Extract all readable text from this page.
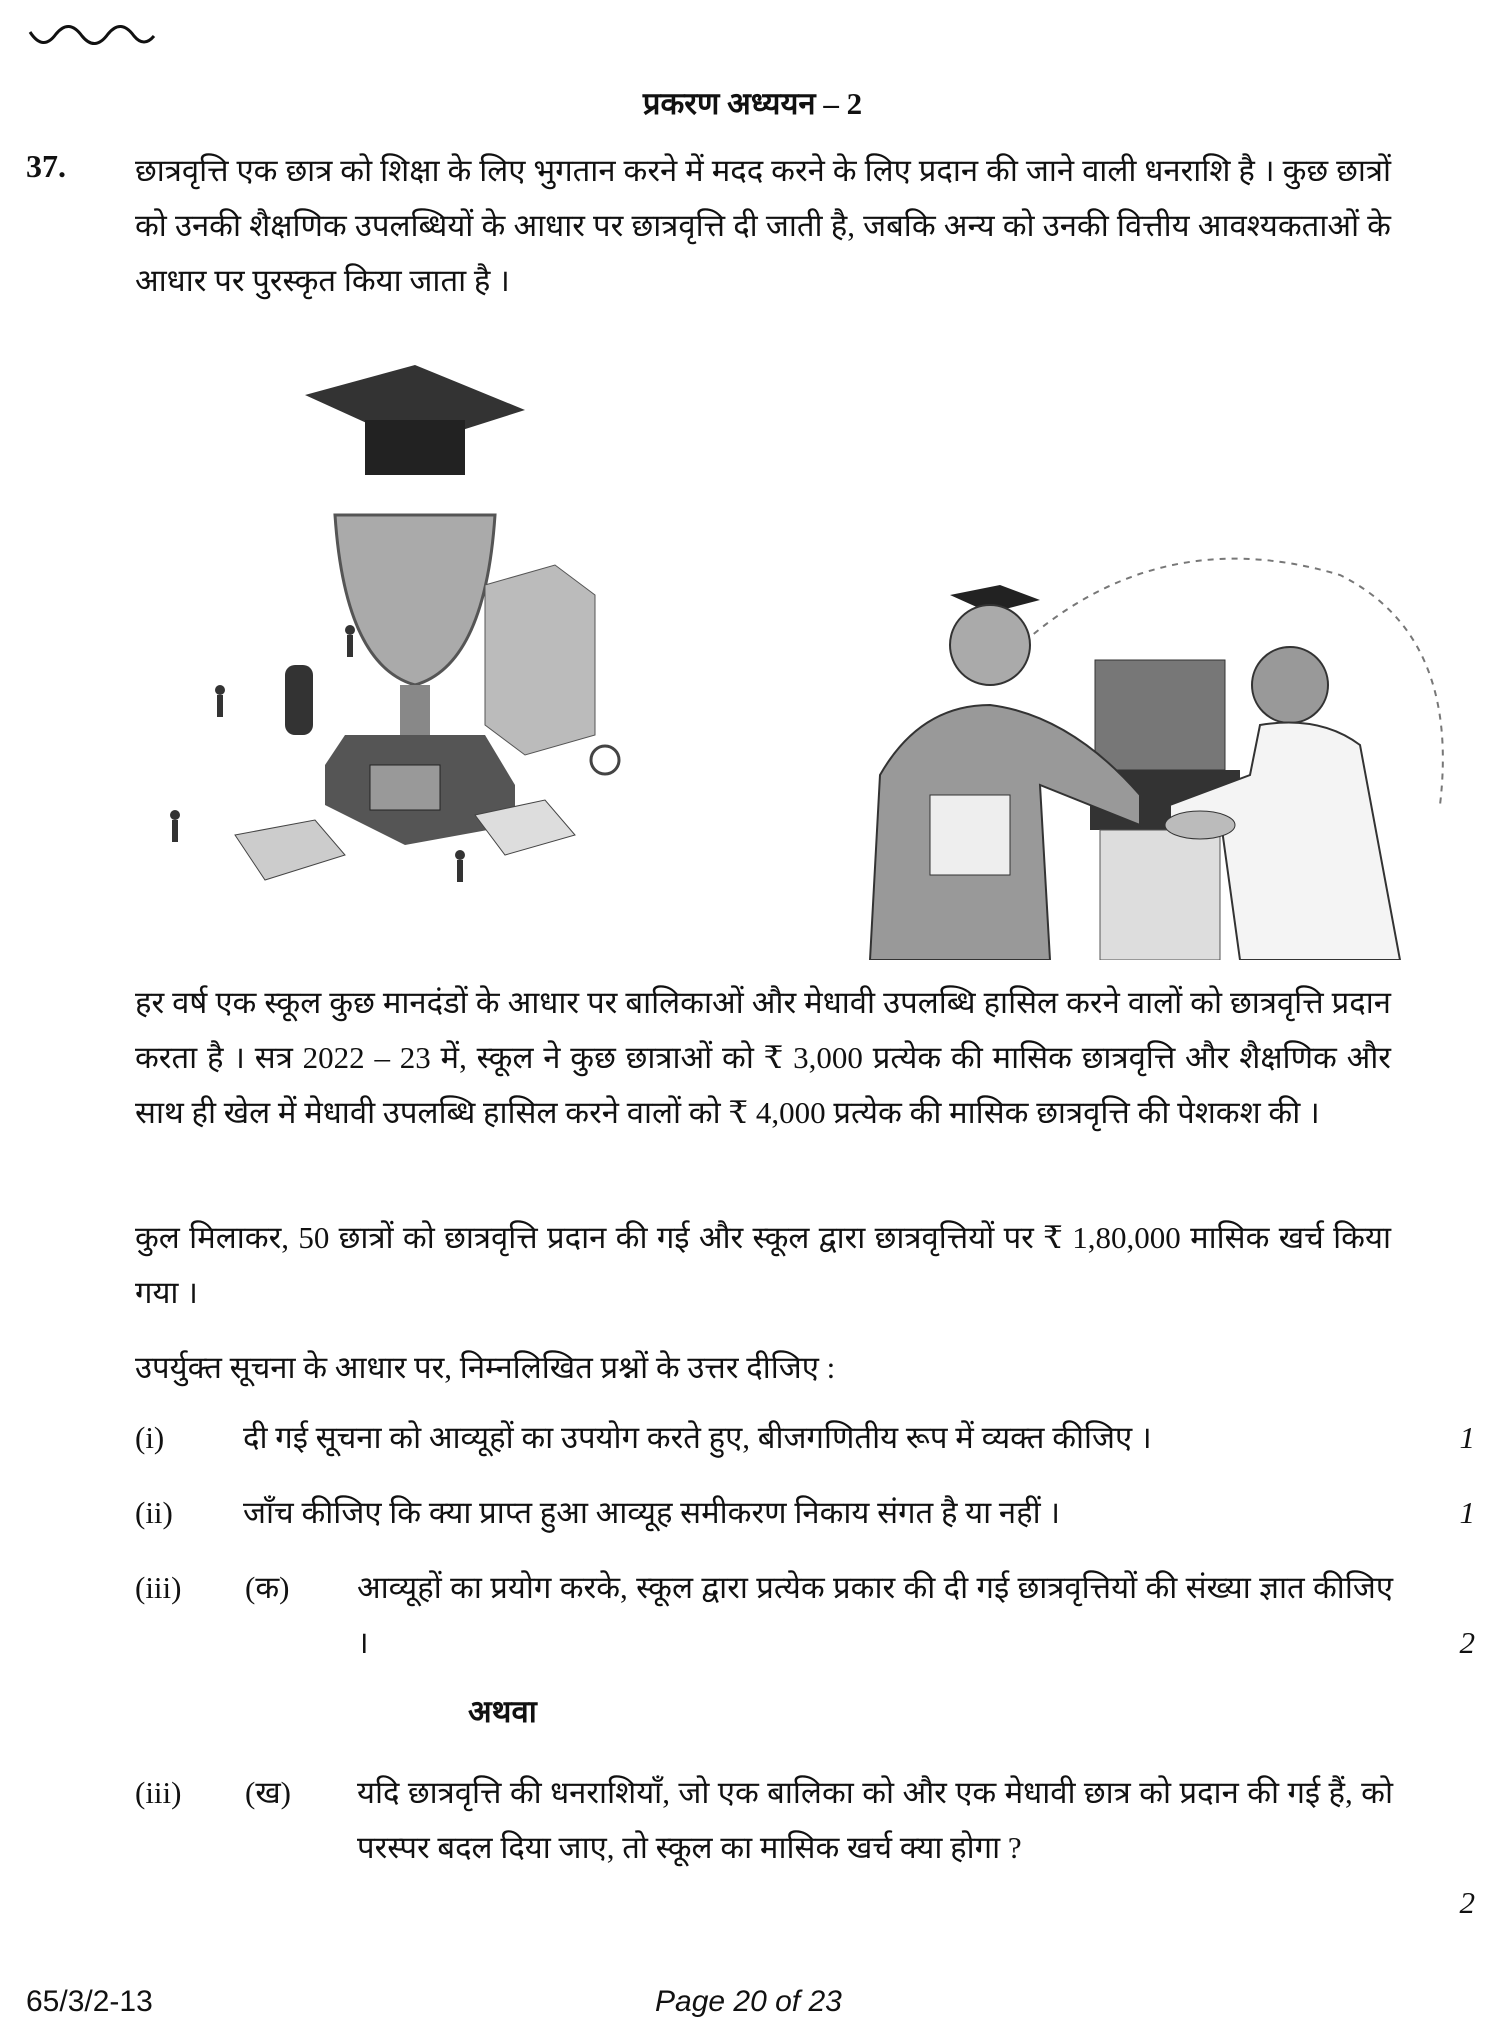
प्रकरण अध्ययन – 2
37. छात्रवृत्ति एक छात्र को शिक्षा के लिए भुगतान करने में मदद करने के लिए प्रदान की जाने वाली धनराशि है । कुछ छात्रों को उनकी शैक्षणिक उपलब्धियों के आधार पर छात्रवृत्ति दी जाती है, जबकि अन्य को उनकी वित्तीय आवश्यकताओं के आधार पर पुरस्कृत किया जाता है ।
हर वर्ष एक स्कूल कुछ मानदंडों के आधार पर बालिकाओं और मेधावी उपलब्धि हासिल करने वालों को छात्रवृत्ति प्रदान करता है । सत्र 2022 – 23 में, स्कूल ने कुछ छात्राओं को ₹ 3,000 प्रत्येक की मासिक छात्रवृत्ति और शैक्षणिक और साथ ही खेल में मेधावी उपलब्धि हासिल करने वालों को ₹ 4,000 प्रत्येक की मासिक छात्रवृत्ति की पेशकश की ।
कुल मिलाकर, 50 छात्रों को छात्रवृत्ति प्रदान की गई और स्कूल द्वारा छात्रवृत्तियों पर ₹ 1,80,000 मासिक खर्च किया गया ।
उपर्युक्त सूचना के आधार पर, निम्नलिखित प्रश्नों के उत्तर दीजिए :
(i)	दी गई सूचना को आव्यूहों का उपयोग करते हुए, बीजगणितीय रूप में व्यक्त कीजिए ।	1
(ii) जाँच कीजिए कि क्या प्राप्त हुआ आव्यूह समीकरण निकाय संगत है या नहीं ।	1
(iii) (क) आव्यूहों का प्रयोग करके, स्कूल द्वारा प्रत्येक प्रकार की दी गई छात्रवृत्तियों की संख्या ज्ञात कीजिए ।	2
अथवा
(iii) (ख) यदि छात्रवृत्ति की धनराशियाँ, जो एक बालिका को और एक मेधावी छात्र को प्रदान की गई हैं, को परस्पर बदल दिया जाए, तो स्कूल का मासिक खर्च क्या होगा ?
2
65/3/2-13	Page 20 of 23
